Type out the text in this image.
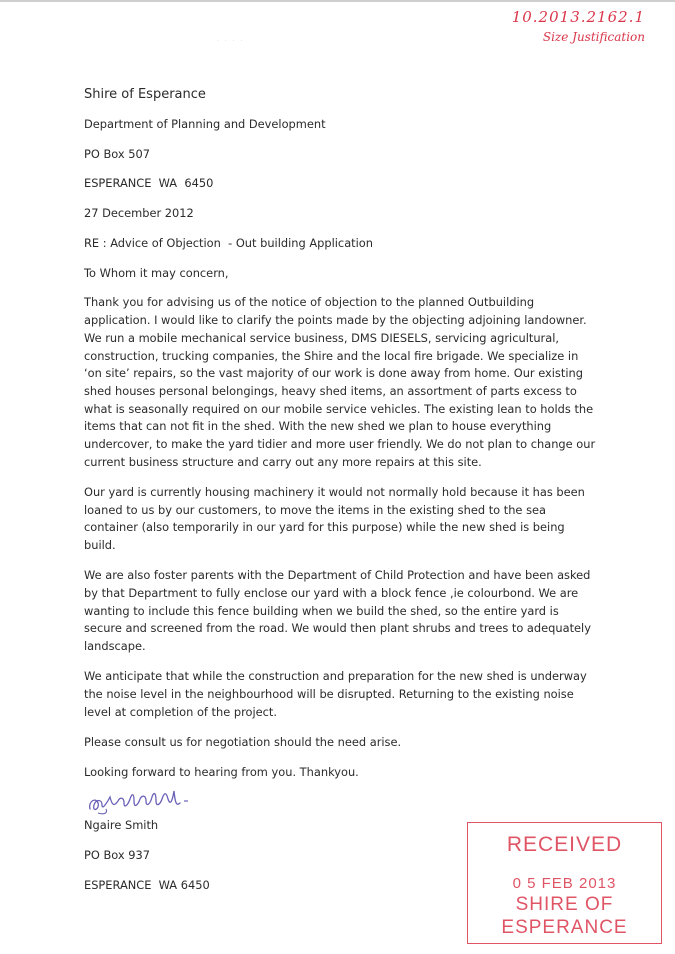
10.2013.2162.1
Size Justification
· · · ·

Shire of Esperance

Department of Planning and Development

PO Box 507

ESPERANCE  WA  6450

27 December 2012

RE : Advice of Objection  - Out building Application

To Whom it may concern,

Thank you for advising us of the notice of objection to the planned Outbuilding application. I would like to clarify the points made by the objecting adjoining landowner. We run a mobile mechanical service business, DMS DIESELS, servicing agricultural, construction, trucking companies, the Shire and the local fire brigade. We specialize in ‘on site’ repairs, so the vast majority of our work is done away from home. Our existing shed houses personal belongings, heavy shed items, an assortment of parts excess to what is seasonally required on our mobile service vehicles. The existing lean to holds the items that can not fit in the shed. With the new shed we plan to house everything undercover, to make the yard tidier and more user friendly. We do not plan to change our current business structure and carry out any more repairs at this site.

Our yard is currently housing machinery it would not normally hold because it has been loaned to us by our customers, to move the items in the existing shed to the sea container (also temporarily in our yard for this purpose) while the new shed is being build.

We are also foster parents with the Department of Child Protection and have been asked by that Department to fully enclose our yard with a block fence ,ie colourbond. We are wanting to include this fence building when we build the shed, so the entire yard is secure and screened from the road. We would then plant shrubs and trees to adequately landscape.

We anticipate that while the construction and preparation for the new shed is underway the noise level in the neighbourhood will be disrupted. Returning to the existing noise level at completion of the project.

Please consult us for negotiation should the need arise.

Looking forward to hearing from you. Thankyou.

Ngaire Smith

PO Box 937

ESPERANCE  WA 6450

RECEIVED
0 5 FEB 2013
SHIRE OF
ESPERANCE
